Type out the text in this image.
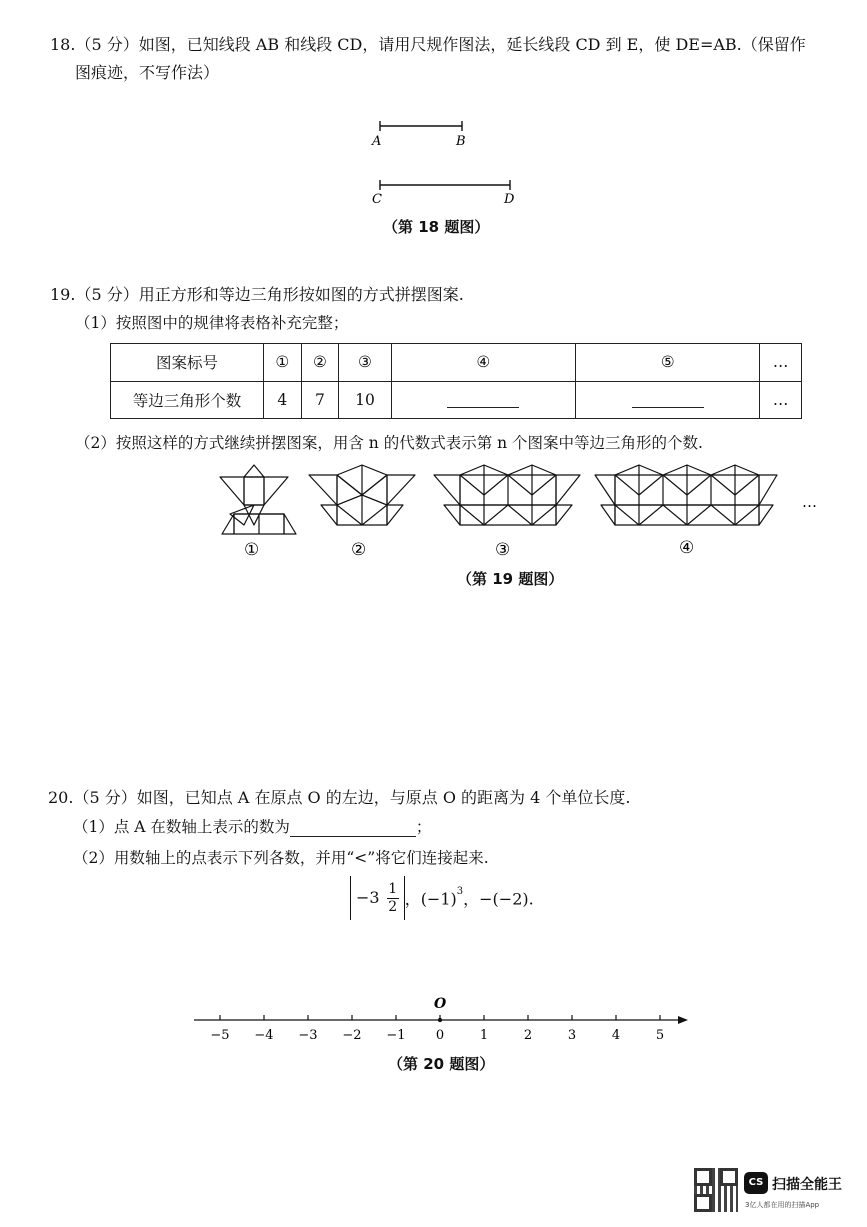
18.（5 分）如图，已知线段 AB 和线段 CD，请用尺规作图法，延长线段 CD 到 E，使 DE=AB.（保留作
图痕迹，不写作法）
A	B
C	D
（第 18 题图）
19.（5 分）用正方形和等边三角形按如图的方式拼摆图案.
（1）按照图中的规律将表格补充完整；
图案标号	①	②	③	④	⑤	…
等边三角形个数	4	7	10			…
（2）按照这样的方式继续拼摆图案，用含 n 的代数式表示第 n 个图案中等边三角形的个数.
…
①	②	③	④
（第 19 题图）
20.（5 分）如图，已知点 A 在原点 O 的左边，与原点 O 的距离为 4 个单位长度.
（1）点 A 在数轴上表示的数为	；
（2）用数轴上的点表示下列各数，并用“<”将它们连接起来.
$-3 \frac{1}{2}$ ，$(-1)^3$，−(−2).
O
−5 −4 −3 −2 −1 0	1	2	3	4	5
（第 20 题图）
CS 扫描全能王
3亿人都在用的扫描App
